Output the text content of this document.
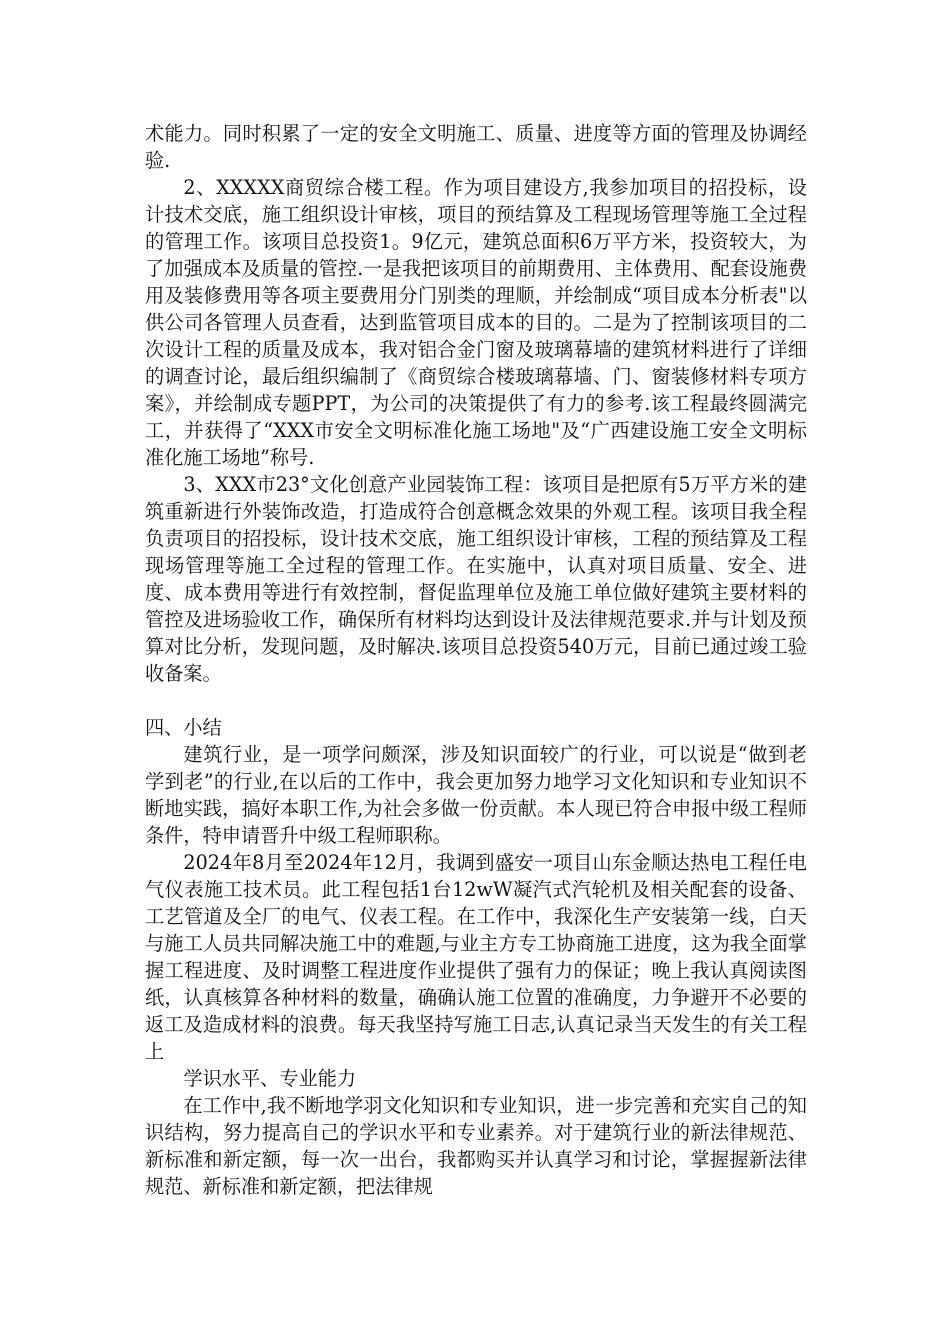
术能力。同时积累了一定的安全文明施工、质量、进度等方面的管理及协调经验.

2、XXXXX商贸综合楼工程。作为项目建设方,我参加项目的招投标，设计技术交底，施工组织设计审核，项目的预结算及工程现场管理等施工全过程的管理工作。该项目总投资1。9亿元，建筑总面积6万平方米，投资较大，为了加强成本及质量的管控.一是我把该项目的前期费用、主体费用、配套设施费用及装修费用等各项主要费用分门别类的理顺，并绘制成“项目成本分析表"以供公司各管理人员查看，达到监管项目成本的目的。二是为了控制该项目的二次设计工程的质量及成本，我对铝合金门窗及玻璃幕墙的建筑材料进行了详细的调查讨论，最后组织编制了《商贸综合楼玻璃幕墙、门、窗装修材料专项方案》，并绘制成专题PPT，为公司的决策提供了有力的参考.该工程最终圆满完工，并获得了“XXX市安全文明标准化施工场地"及“广西建设施工安全文明标准化施工场地”称号.

3、XXX市23°文化创意产业园装饰工程：该项目是把原有5万平方米的建筑重新进行外装饰改造，打造成符合创意概念效果的外观工程。该项目我全程负责项目的招投标，设计技术交底，施工组织设计审核，工程的预结算及工程现场管理等施工全过程的管理工作。在实施中，认真对项目质量、安全、进度、成本费用等进行有效控制，督促监理单位及施工单位做好建筑主要材料的管控及进场验收工作，确保所有材料均达到设计及法律规范要求.并与计划及预算对比分析，发现问题，及时解决.该项目总投资540万元，目前已通过竣工验收备案。

四、小结

建筑行业，是一项学问颇深，涉及知识面较广的行业，可以说是“做到老学到老”的行业,在以后的工作中，我会更加努力地学习文化知识和专业知识不断地实践，搞好本职工作,为社会多做一份贡献。本人现已符合申报中级工程师条件，特申请晋升中级工程师职称。

2024年8月至2024年12月，我调到盛安一项目山东金顺达热电工程任电气仪表施工技术员。此工程包括1台12wW凝汽式汽轮机及相关配套的设备、工艺管道及全厂的电气、仪表工程。在工作中，我深化生产安装第一线，白天与施工人员共同解决施工中的难题,与业主方专工协商施工进度，这为我全面掌握工程进度、及时调整工程进度作业提供了强有力的保证；晚上我认真阅读图纸，认真核算各种材料的数量，确确认施工位置的准确度，力争避开不必要的返工及造成材料的浪费。每天我坚持写施工日志,认真记录当天发生的有关工程上

学识水平、专业能力

在工作中,我不断地学羽文化知识和专业知识，进一步完善和充实自己的知识结构，努力提高自己的学识水平和专业素养。对于建筑行业的新法律规范、新标准和新定额，每一次一出台，我都购买并认真学习和讨论，掌握握新法律规范、新标准和新定额，把法律规
